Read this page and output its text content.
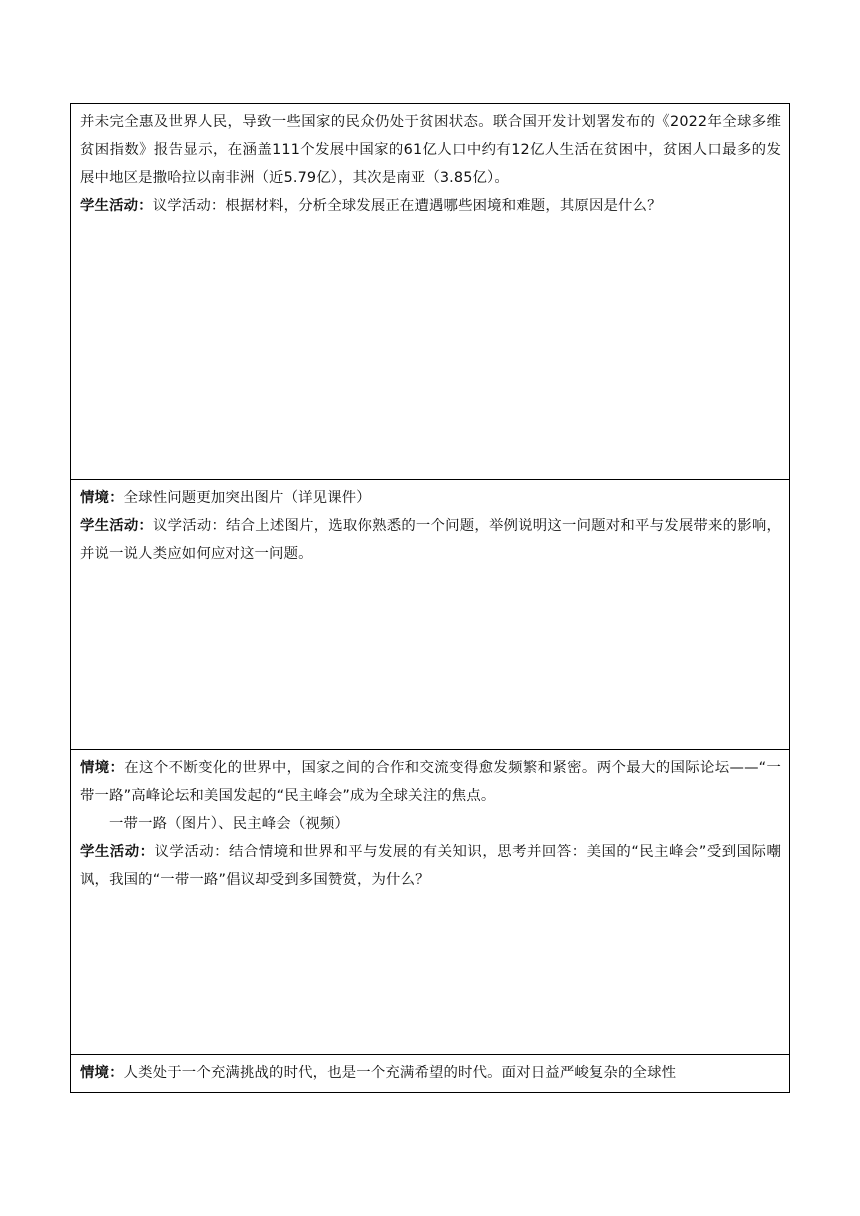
并未完全惠及世界人民，导致一些国家的民众仍处于贫困状态。联合国开发计划署发布的《2022年全球多维贫困指数》报告显示，在涵盖111个发展中国家的61亿人口中约有12亿人生活在贫困中，贫困人口最多的发展中地区是撒哈拉以南非洲（近5.79亿），其次是南亚（3.85亿）。

学生活动：议学活动：根据材料，分析全球发展正在遭遇哪些困境和难题，其原因是什么？

情境：全球性问题更加突出图片（详见课件）

学生活动：议学活动：结合上述图片，选取你熟悉的一个问题，举例说明这一问题对和平与发展带来的影响，并说一说人类应如何应对这一问题。

情境：在这个不断变化的世界中，国家之间的合作和交流变得愈发频繁和紧密。两个最大的国际论坛——“一带一路”高峰论坛和美国发起的“民主峰会”成为全球关注的焦点。

一带一路（图片）、民主峰会（视频）

学生活动：议学活动：结合情境和世界和平与发展的有关知识，思考并回答：美国的“民主峰会”受到国际嘲讽，我国的“一带一路”倡议却受到多国赞赏，为什么？

情境：人类处于一个充满挑战的时代，也是一个充满希望的时代。面对日益严峻复杂的全球性
